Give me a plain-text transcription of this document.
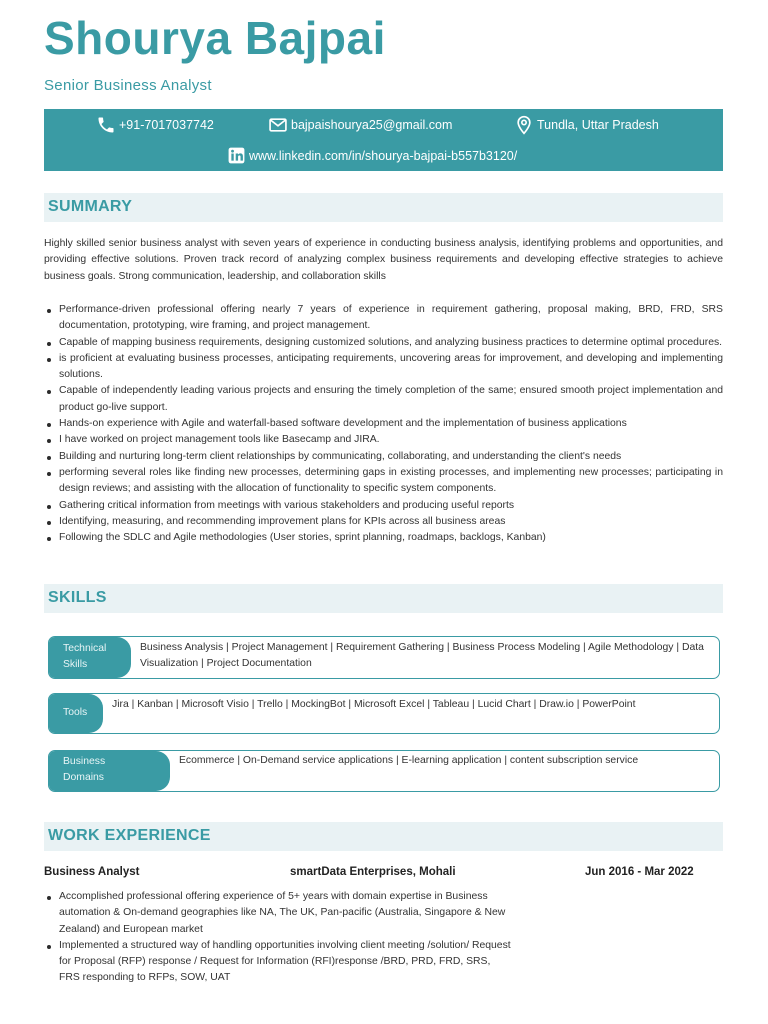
Shourya Bajpai
Senior Business Analyst
+91-7017037742	bajpaishourya25@gmail.com	Tundla, Uttar Pradesh
www.linkedin.com/in/shourya-bajpai-b557b3120/
SUMMARY
Highly skilled senior business analyst with seven years of experience in conducting business analysis, identifying problems and opportunities, and providing effective solutions. Proven track record of analyzing complex business requirements and developing effective strategies to achieve business goals. Strong communication, leadership, and collaboration skills
Performance-driven professional offering nearly 7 years of experience in requirement gathering, proposal making, BRD, FRD, SRS documentation, prototyping, wire framing, and project management.
Capable of mapping business requirements, designing customized solutions, and analyzing business practices to determine optimal procedures.
is proficient at evaluating business processes, anticipating requirements, uncovering areas for improvement, and developing and implementing solutions.
Capable of independently leading various projects and ensuring the timely completion of the same; ensured smooth project implementation and product go-live support.
Hands-on experience with Agile and waterfall-based software development and the implementation of business applications
I have worked on project management tools like Basecamp and JIRA.
Building and nurturing long-term client relationships by communicating, collaborating, and understanding the client's needs
performing several roles like finding new processes, determining gaps in existing processes, and implementing new processes; participating in design reviews; and assisting with the allocation of functionality to specific system components.
Gathering critical information from meetings with various stakeholders and producing useful reports
Identifying, measuring, and recommending improvement plans for KPIs across all business areas
Following the SDLC and Agile methodologies (User stories, sprint planning, roadmaps, backlogs, Kanban)
SKILLS
Technical Skills
Business Analysis | Project Management | Requirement Gathering | Business Process Modeling | Agile Methodology | Data Visualization | Project Documentation
Tools
Jira | Kanban | Microsoft Visio | Trello | MockingBot | Microsoft Excel | Tableau | Lucid Chart | Draw.io | PowerPoint
Business Domains
Ecommerce | On-Demand service applications | E-learning application | content subscription service
WORK EXPERIENCE
Business Analyst	smartData Enterprises, Mohali	Jun 2016 - Mar 2022
Accomplished professional offering experience of 5+ years with domain expertise in Business automation & On-demand geographies like NA, The UK, Pan-pacific (Australia, Singapore & New Zealand) and European market
Implemented a structured way of handling opportunities involving client meeting /solution/ Request for Proposal (RFP) response / Request for Information (RFI)response /BRD, PRD, FRD, SRS, FRS responding to RFPs, SOW, UAT
